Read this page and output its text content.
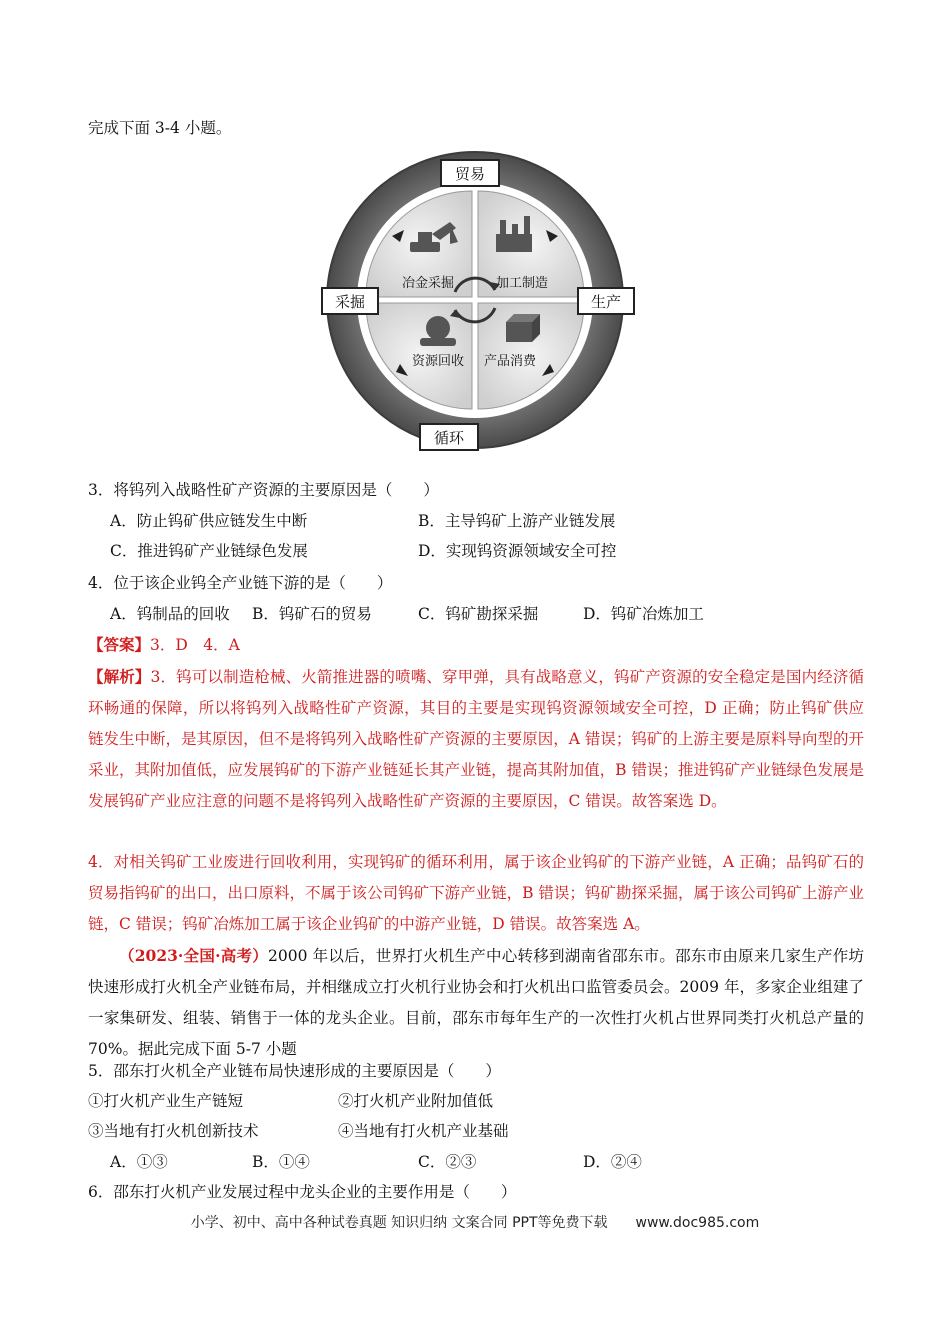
完成下面 3-4 小题。
冶金采掘	加工制造
资源回收 产品消费
贸易
采掘	生产
循环
3．将钨列入战略性矿产资源的主要原因是（　　）
A．防止钨矿供应链发生中断	B．主导钨矿上游产业链发展
C．推进钨矿产业链绿色发展	D．实现钨资源领域安全可控
4．位于该企业钨全产业链下游的是（　　）
A．钨制品的回收 B．钨矿石的贸易	C．钨矿勘探采掘	D．钨矿冶炼加工
【答案】3．D　4．A
【解析】3．钨可以制造枪械、火箭推进器的喷嘴、穿甲弹，具有战略意义，钨矿产资源的安全稳定是国内经济循环畅通的保障，所以将钨列入战略性矿产资源，其目的主要是实现钨资源领域安全可控，D 正确；防止钨矿供应链发生中断，是其原因，但不是将钨列入战略性矿产资源的主要原因，A 错误；钨矿的上游主要是原料导向型的开采业，其附加值低，应发展钨矿的下游产业链延长其产业链，提高其附加值，B 错误；推进钨矿产业链绿色发展是发展钨矿产业应注意的问题不是将钨列入战略性矿产资源的主要原因，C 错误。故答案选 D。
4．对相关钨矿工业废进行回收利用，实现钨矿的循环利用，属于该企业钨矿的下游产业链，A 正确；品钨矿石的贸易指钨矿的出口，出口原料，不属于该公司钨矿下游产业链，B 错误；钨矿勘探采掘，属于该公司钨矿上游产业链，C 错误；钨矿冶炼加工属于该企业钨矿的中游产业链，D 错误。故答案选 A。
（2023·全国·高考）2000 年以后，世界打火机生产中心转移到湖南省邵东市。邵东市由原来几家生产作坊快速形成打火机全产业链布局，并相继成立打火机行业协会和打火机出口监管委员会。2009 年，多家企业组建了一家集研发、组装、销售于一体的龙头企业。目前，邵东市每年生产的一次性打火机占世界同类打火机总产量的 70%。据此完成下面 5-7 小题
5．邵东打火机全产业链布局快速形成的主要原因是（　　）
①打火机产业生产链短	②打火机产业附加值低
③当地有打火机创新技术	④当地有打火机产业基础
A．①③	B．①④	C．②③	D．②④
6．邵东打火机产业发展过程中龙头企业的主要作用是（　　）
小学、初中、高中各种试卷真题 知识归纳 文案合同 PPT等免费下载　　www.doc985.com
